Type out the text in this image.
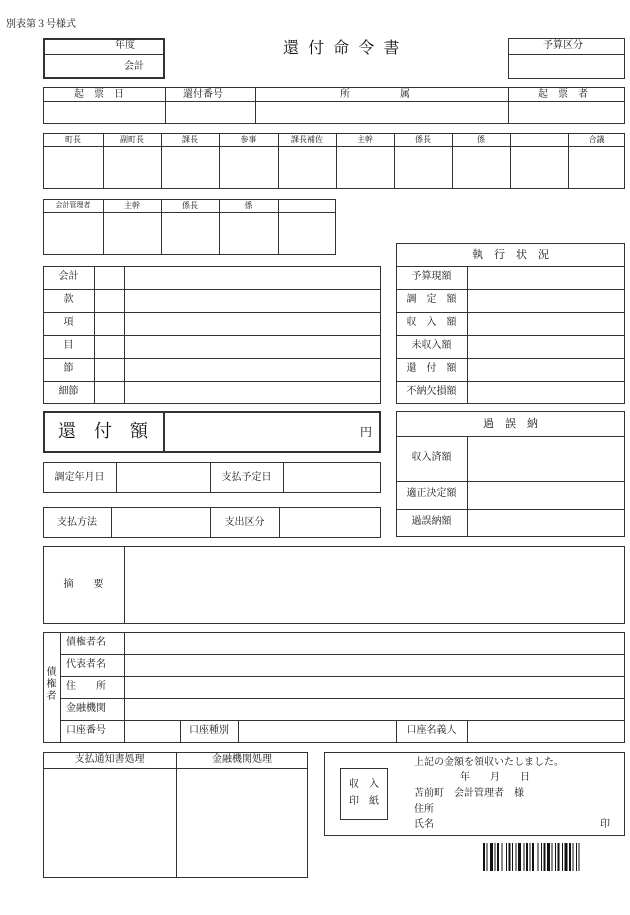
別表第３号様式
年度
会計
還 付 命 令 書	予算区分
起　票　日	還付番号	所　　　　　属	起　票　者
町長	副町長	課長	参事	課長補佐	主幹	係長	係	合議
会計管理者	主幹	係長	係
会計
款
項
目
節
細節
執　行　状　況
予算現額
調　定　額
収　入　額
未収入額
還　付　額
不納欠損額
還　付　額	円
過　誤　納
収入済額
適正決定額
過誤納額
調定年月日	支払予定日
支払方法	支出区分
摘　　要
債
権
者
債権者名
代表者名
住　　所
金融機関
口座番号	口座種別	口座名義人
支払通知書処理	金融機関処理
収　入
印　紙
上記の金額を領収いたしました。
年　　月　　日
苫前町　会計管理者　様
住所
氏名	印
